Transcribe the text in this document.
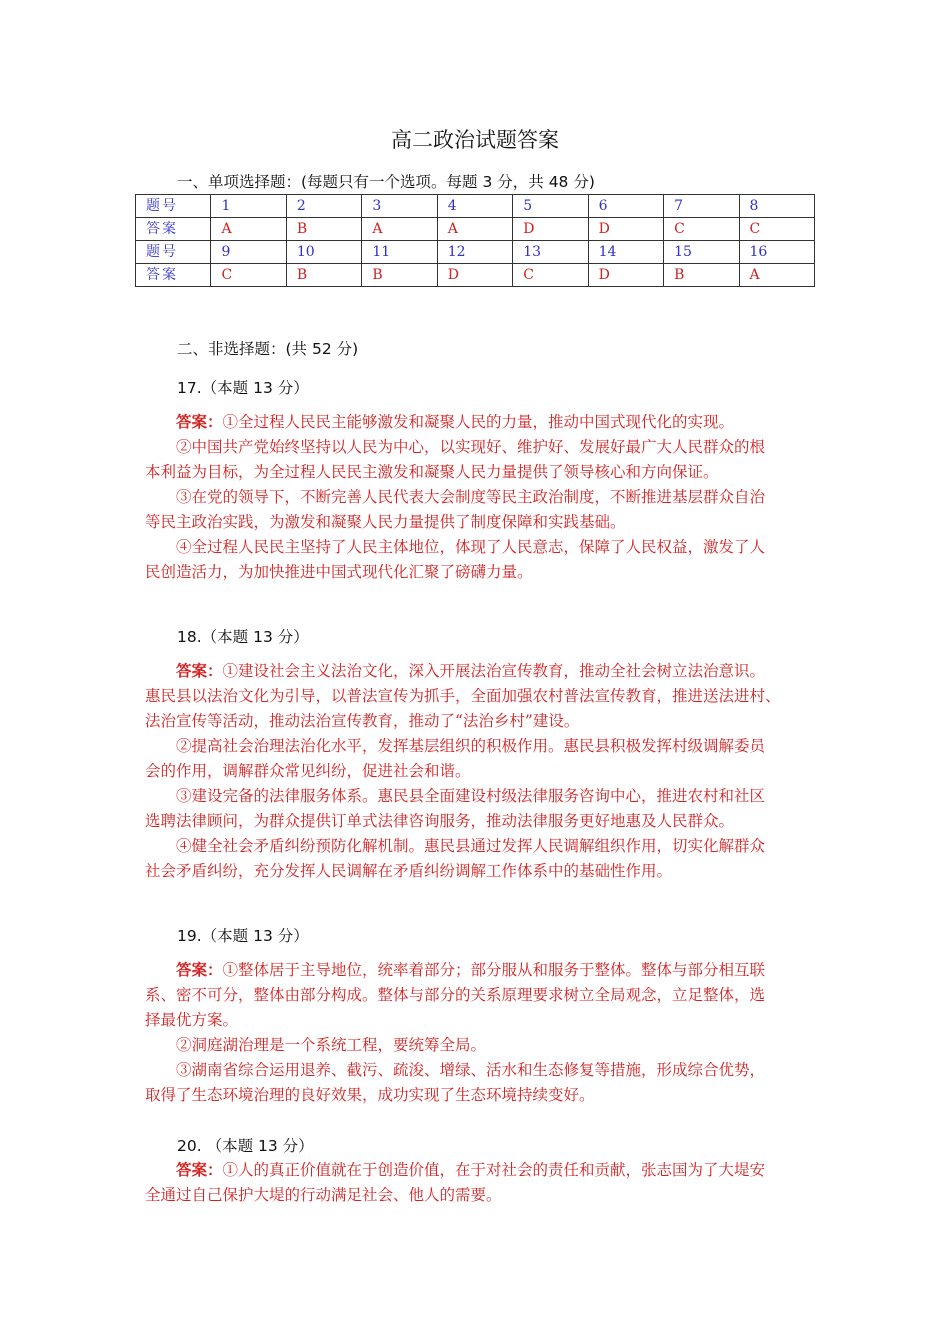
高二政治试题答案
一、单项选择题：(每题只有一个选项。每题 3 分，共 48 分)
题号	1	2	3	4	5	6	7	8
答案	A	B	A	A	D	D	C	C
题号	9	10	11	12	13	14	15	16
答案	C	B	B	D	C	D	B	A
二、非选择题：(共 52 分)
17.（本题 13 分）

答案：①全过程人民民主能够激发和凝聚人民的力量，推动中国式现代化的实现。

②中国共产党始终坚持以人民为中心，以实现好、维护好、发展好最广大人民群众的根

本利益为目标，为全过程人民民主激发和凝聚人民力量提供了领导核心和方向保证。

③在党的领导下，不断完善人民代表大会制度等民主政治制度，不断推进基层群众自治

等民主政治实践，为激发和凝聚人民力量提供了制度保障和实践基础。

④全过程人民民主坚持了人民主体地位，体现了人民意志，保障了人民权益，激发了人

民创造活力，为加快推进中国式现代化汇聚了磅礴力量。

18.（本题 13 分）

答案：①建设社会主义法治文化，深入开展法治宣传教育，推动全社会树立法治意识。

惠民县以法治文化为引导，以普法宣传为抓手，全面加强农村普法宣传教育，推进送法进村、

法治宣传等活动，推动法治宣传教育，推动了“法治乡村”建设。

②提高社会治理法治化水平，发挥基层组织的积极作用。惠民县积极发挥村级调解委员

会的作用，调解群众常见纠纷，促进社会和谐。

③建设完备的法律服务体系。惠民县全面建设村级法律服务咨询中心，推进农村和社区

选聘法律顾问，为群众提供订单式法律咨询服务，推动法律服务更好地惠及人民群众。

④健全社会矛盾纠纷预防化解机制。惠民县通过发挥人民调解组织作用，切实化解群众

社会矛盾纠纷，充分发挥人民调解在矛盾纠纷调解工作体系中的基础性作用。

19.（本题 13 分）

答案：①整体居于主导地位，统率着部分；部分服从和服务于整体。整体与部分相互联

系、密不可分，整体由部分构成。整体与部分的关系原理要求树立全局观念，立足整体，选

择最优方案。

②洞庭湖治理是一个系统工程，要统筹全局。

③湖南省综合运用退养、截污、疏浚、增绿、活水和生态修复等措施，形成综合优势，

取得了生态环境治理的良好效果，成功实现了生态环境持续变好。

20. （本题 13 分）

答案：①人的真正价值就在于创造价值，在于对社会的责任和贡献，张志国为了大堤安

全通过自己保护大堤的行动满足社会、他人的需要。
